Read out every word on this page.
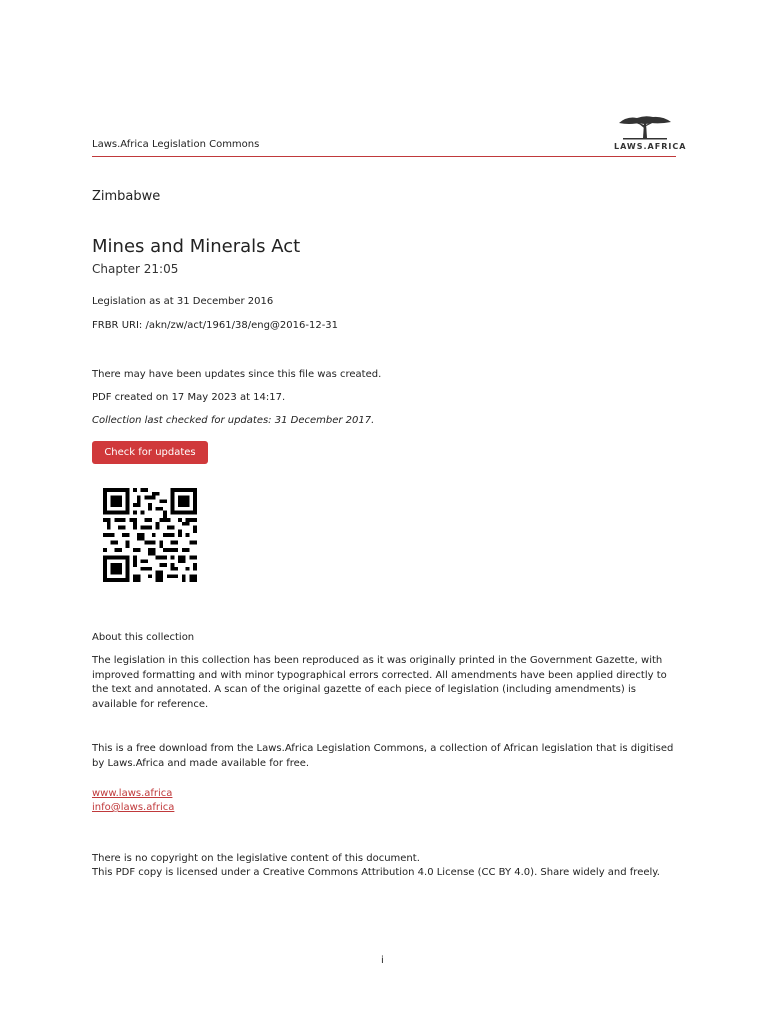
Laws.Africa Legislation Commons	LAWS.AFRICA
Zimbabwe
Mines and Minerals Act
Chapter 21:05
Legislation as at 31 December 2016
FRBR URI: /akn/zw/act/1961/38/eng@2016-12-31
There may have been updates since this file was created.
PDF created on 17 May 2023 at 14:17.
Collection last checked for updates: 31 December 2017.
Check for updates
About this collection
The legislation in this collection has been reproduced as it was originally printed in the Government Gazette, with improved formatting and with minor typographical errors corrected. All amendments have been applied directly to the text and annotated. A scan of the original gazette of each piece of legislation (including amendments) is available for reference.
This is a free download from the Laws.Africa Legislation Commons, a collection of African legislation that is digitised by Laws.Africa and made available for free.
www.laws.africa
info@laws.africa
There is no copyright on the legislative content of this document.
This PDF copy is licensed under a Creative Commons Attribution 4.0 License (CC BY 4.0). Share widely and freely.
i
